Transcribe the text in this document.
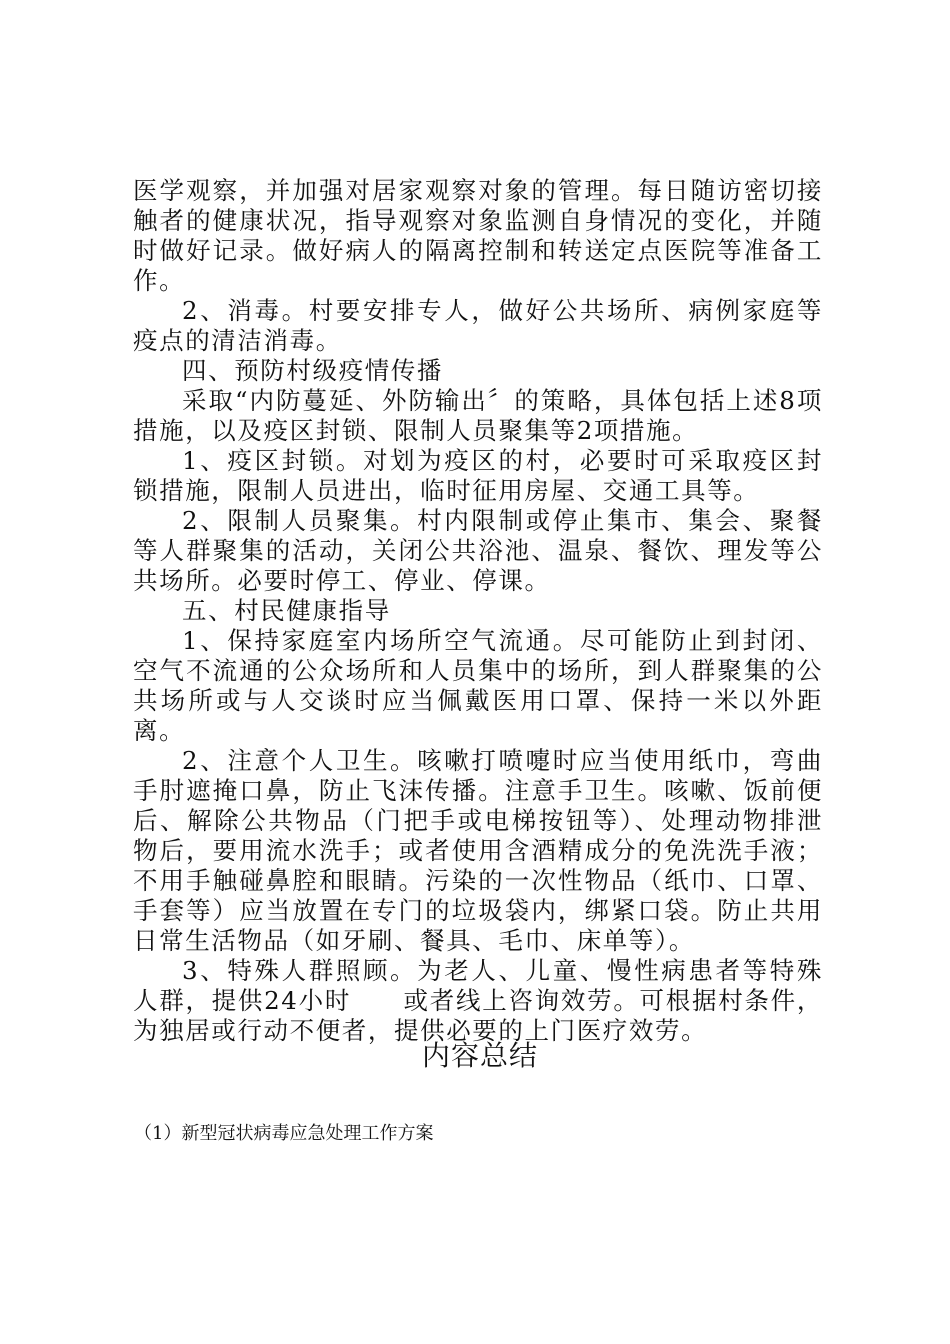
医学观察，并加强对居家观察对象的管理。每日随访密切接触者的健康状况，指导观察对象监测自身情况的变化，并随时做好记录。做好病人的隔离控制和转送定点医院等准备工作。

2、消毒。村要安排专人，做好公共场所、病例家庭等疫点的清洁消毒。

四、预防村级疫情传播

采取“内防蔓延、外防输出〞的策略，具体包括上述8项措施，以及疫区封锁、限制人员聚集等2项措施。

1、疫区封锁。对划为疫区的村，必要时可采取疫区封锁措施，限制人员进出，临时征用房屋、交通工具等。

2、限制人员聚集。村内限制或停止集市、集会、聚餐等人群聚集的活动，关闭公共浴池、温泉、餐饮、理发等公共场所。必要时停工、停业、停课。

五、村民健康指导

1、保持家庭室内场所空气流通。尽可能防止到封闭、空气不流通的公众场所和人员集中的场所，到人群聚集的公共场所或与人交谈时应当佩戴医用口罩、保持一米以外距离。

2、注意个人卫生。咳嗽打喷嚏时应当使用纸巾，弯曲手肘遮掩口鼻，防止飞沫传播。注意手卫生。咳嗽、饭前便后、解除公共物品（门把手或电梯按钮等）、处理动物排泄物后，要用流水洗手；或者使用含酒精成分的免洗洗手液；不用手触碰鼻腔和眼睛。污染的一次性物品（纸巾、口罩、手套等）应当放置在专门的垃圾袋内，绑紧口袋。防止共用日常生活物品（如牙刷、餐具、毛巾、床单等）。

3、特殊人群照顾。为老人、儿童、慢性病患者等特殊人群，提供24小时　　或者线上咨询效劳。可根据村条件，为独居或行动不便者，提供必要的上门医疗效劳。

内容总结
（1）新型冠状病毒应急处理工作方案
